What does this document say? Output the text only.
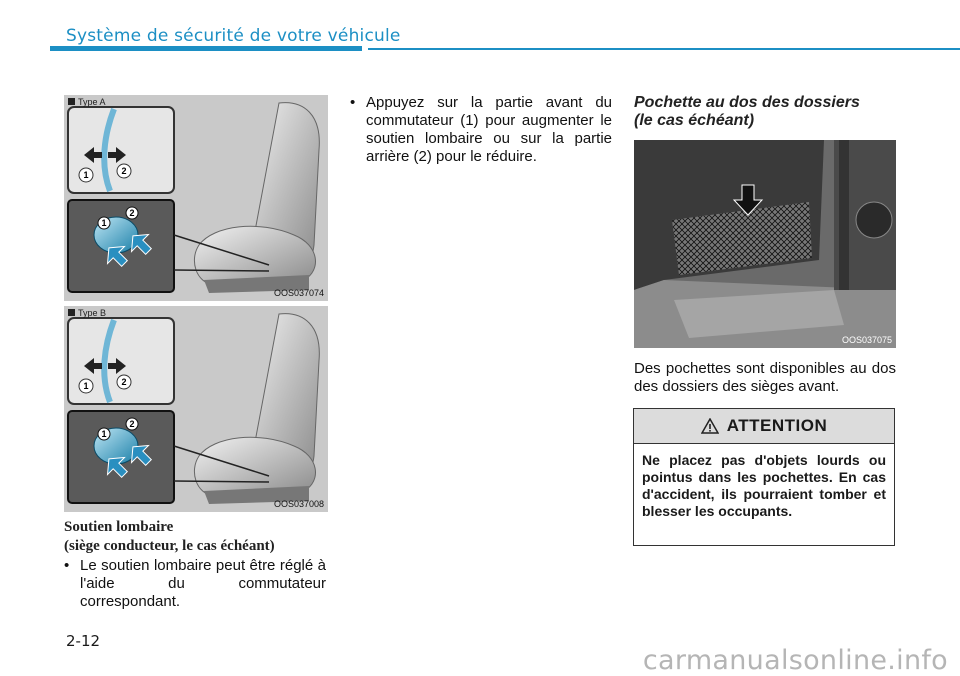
Système de sécurité de votre véhicule
1	2
1
2
Type A
OOS037074
1	2
1
2
Type B
OOS037008
Soutien lombaire
(siège conducteur, le cas échéant)
• Le soutien lombaire peut être réglé à l'aide du commutateur correspondant.
• Appuyez sur la partie avant du commutateur (1) pour augmenter le soutien lombaire ou sur la partie arrière (2) pour le réduire.
Pochette au dos des dossiers
(le cas échéant)
OOS037075
Des pochettes sont disponibles au dos des dossiers des sièges avant.
ATTENTION
Ne placez pas d'objets lourds ou pointus dans les pochettes. En cas d'accident, ils pourraient tomber et blesser les occupants.
2-12
carmanualsonline.info
